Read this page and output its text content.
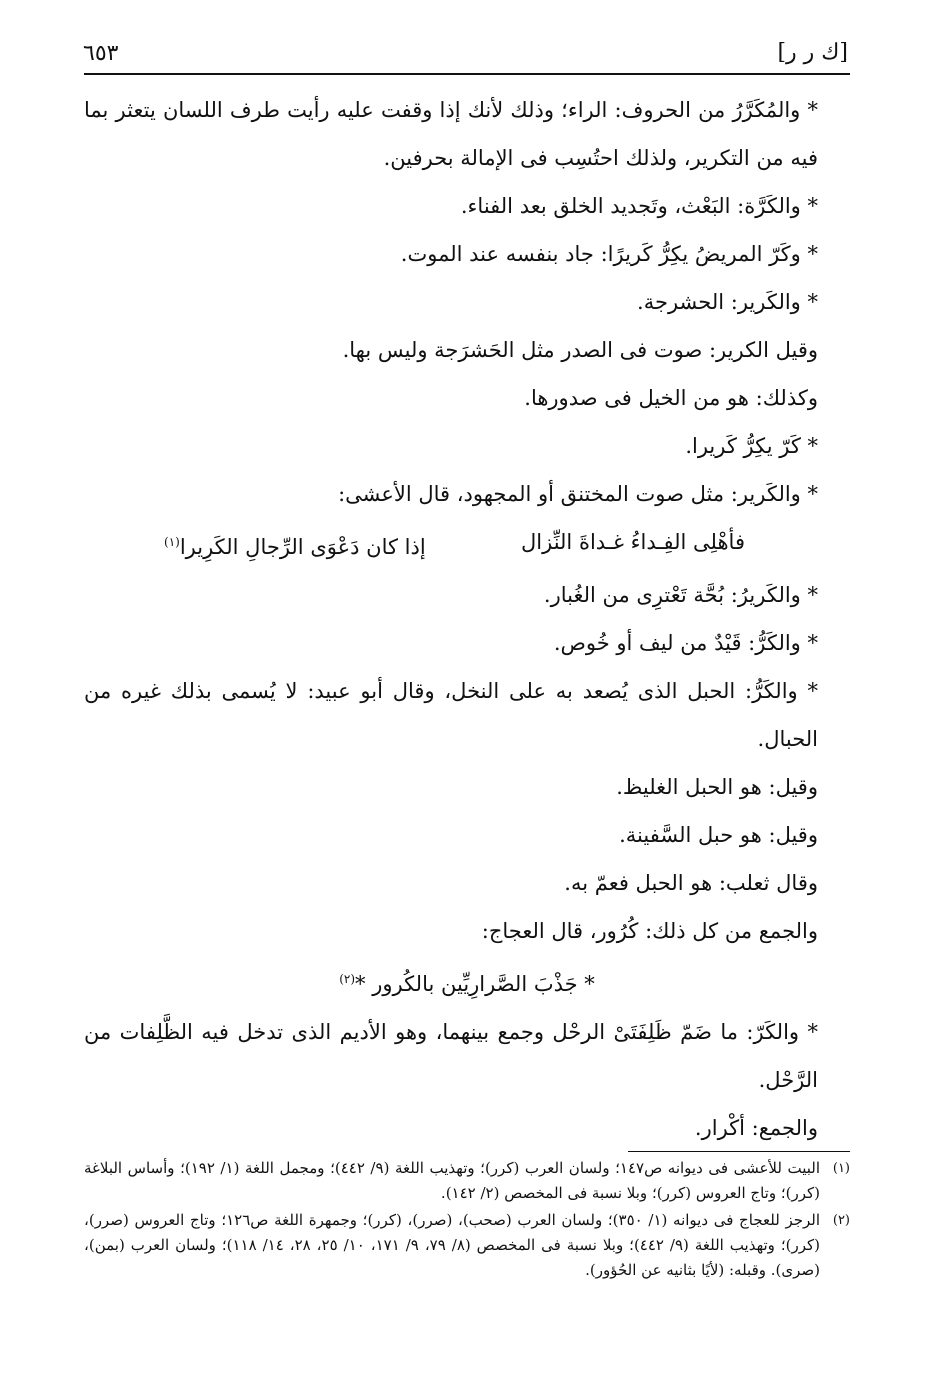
٦٥٣	[ك ر ر]

* والمُكَرَّرُ من الحروف: الراء؛ وذلك لأنك إذا وقفت عليه رأيت طرف اللسان يتعثر بما فيه من التكرير، ولذلك احتُسِب فى الإمالة بحرفين.

* والكَرَّة: البَعْث، وتَجديد الخلق بعد الفناء.

* وكَرّ المريضُ يكِرُّ كَريرًا: جاد بنفسه عند الموت.

* والكَرير: الحشرجة.

وقيل الكرير: صوت فى الصدر مثل الحَشرَجة وليس بها.

وكذلك: هو من الخيل فى صدورها.

* كَرّ يكِرُّ كَريرا.

* والكَرير: مثل صوت المختنق أو المجهود، قال الأعشى:

فأهْلِى الفِـداءُ غـداةَ النِّزال
إذا كان دَعْوَى الرِّجالِ الكَرِيرا$^{(١)}$

* والكَريرُ: بُحَّة تَعْترِى من الغُبار.

* والكَرُّ: قَيْدٌ من ليف أو خُوص.

* والكَرُّ: الحبل الذى يُصعد به على النخل، وقال أبو عبيد: لا يُسمى بذلك غيره من الحبال.

وقيل: هو الحبل الغليظ.

وقيل: هو حبل السَّفينة.

وقال ثعلب: هو الحبل فعمّ به.

والجمع من كل ذلك: كُرُور، قال العجاج:

* جَذْبَ الصَّرارِيِّين بالكُرور *$^{(٢)}$

* والكَرّ: ما ضَمّ ظَلِفَتَىْ الرحْل وجمع بينهما، وهو الأديم الذى تدخل فيه الظَّلِفات من الرَّحْل.

والجمع: أكْرار.

(١)
البيت للأعشى فى ديوانه ص١٤٧؛ ولسان العرب (كرر)؛ وتهذيب اللغة (٩/ ٤٤٢)؛ ومجمل اللغة (١/ ١٩٢)؛ وأساس البلاغة (كرر)؛ وتاج العروس (كرر)؛ وبلا نسبة فى المخصص (٢/ ١٤٢).
(٢)
الرجز للعجاج فى ديوانه (١/ ٣٥٠)؛ ولسان العرب (صحب)، (صرر)، (كرر)؛ وجمهرة اللغة ص١٢٦؛ وتاج العروس (صرر)، (كرر)؛ وتهذيب اللغة (٩/ ٤٤٢)؛ وبلا نسبة فى المخصص (٨/ ٧٩، ٩/ ١٧١، ١٠/ ٢٥، ٢٨، ١٤/ ١١٨)؛ ولسان العرب (بمن)، (صرى). وقبله: (لأيًا بثانيه عن الحُؤور).
